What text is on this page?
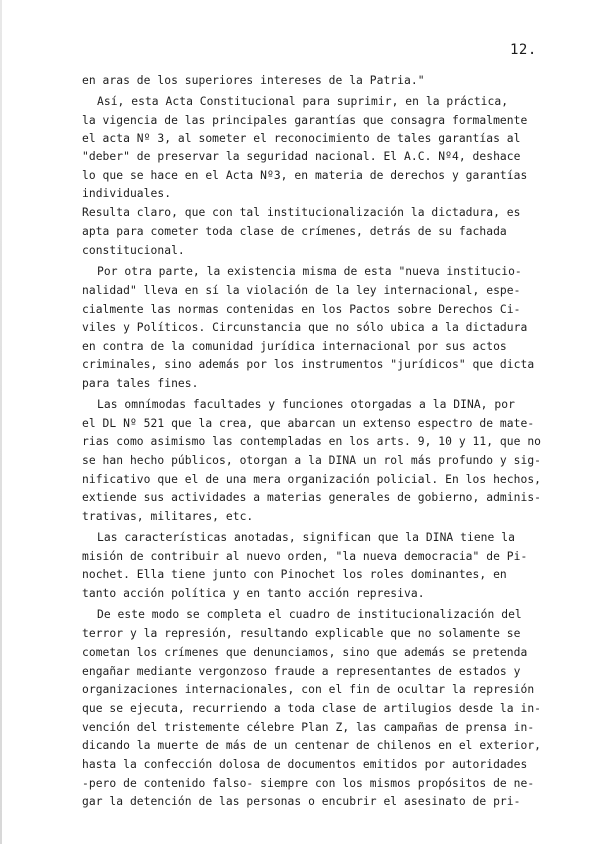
12.
en aras de los superiores intereses de la Patria."
Así, esta Acta Constitucional para suprimir, en la práctica,
la vigencia de las principales garantías que consagra formalmente
el acta Nº 3, al someter el reconocimiento de tales garantías al
"deber" de preservar la seguridad nacional. El A.C. Nº4, deshace
lo que se hace en el Acta Nº3, en materia de derechos y garantías
individuales.
Resulta claro, que con tal institucionalización la dictadura, es
apta para cometer toda clase de crímenes, detrás de su fachada
constitucional.
Por otra parte, la existencia misma de esta "nueva institucio-
nalidad" lleva en sí la violación de la ley internacional, espe-
cialmente las normas contenidas en los Pactos sobre Derechos Ci-
viles y Políticos. Circunstancia que no sólo ubica a la dictadura
en contra de la comunidad jurídica internacional por sus actos
criminales, sino además por los instrumentos "jurídicos" que dicta
para tales fines.
Las omnímodas facultades y funciones otorgadas a la DINA, por
el DL Nº 521 que la crea, que abarcan un extenso espectro de mate-
rias como asimismo las contempladas en los arts. 9, 10 y 11, que no
se han hecho públicos, otorgan a la DINA un rol más profundo y sig-
nificativo que el de una mera organización policial. En los hechos,
extiende sus actividades a materias generales de gobierno, adminis-
trativas, militares, etc.
Las características anotadas, significan que la DINA tiene la
misión de contribuir al nuevo orden, "la nueva democracia" de Pi-
nochet. Ella tiene junto con Pinochet los roles dominantes, en
tanto acción política y en tanto acción represiva.
De este modo se completa el cuadro de institucionalización del
terror y la represión, resultando explicable que no solamente se
cometan los crímenes que denunciamos, sino que además se pretenda
engañar mediante vergonzoso fraude a representantes de estados y
organizaciones internacionales, con el fin de ocultar la represión
que se ejecuta, recurriendo a toda clase de artilugios desde la in-
vención del tristemente célebre Plan Z, las campañas de prensa in-
dicando la muerte de más de un centenar de chilenos en el exterior,
hasta la confección dolosa de documentos emitidos por autoridades
-pero de contenido falso- siempre con los mismos propósitos de ne-
gar la detención de las personas o encubrir el asesinato de pri-
